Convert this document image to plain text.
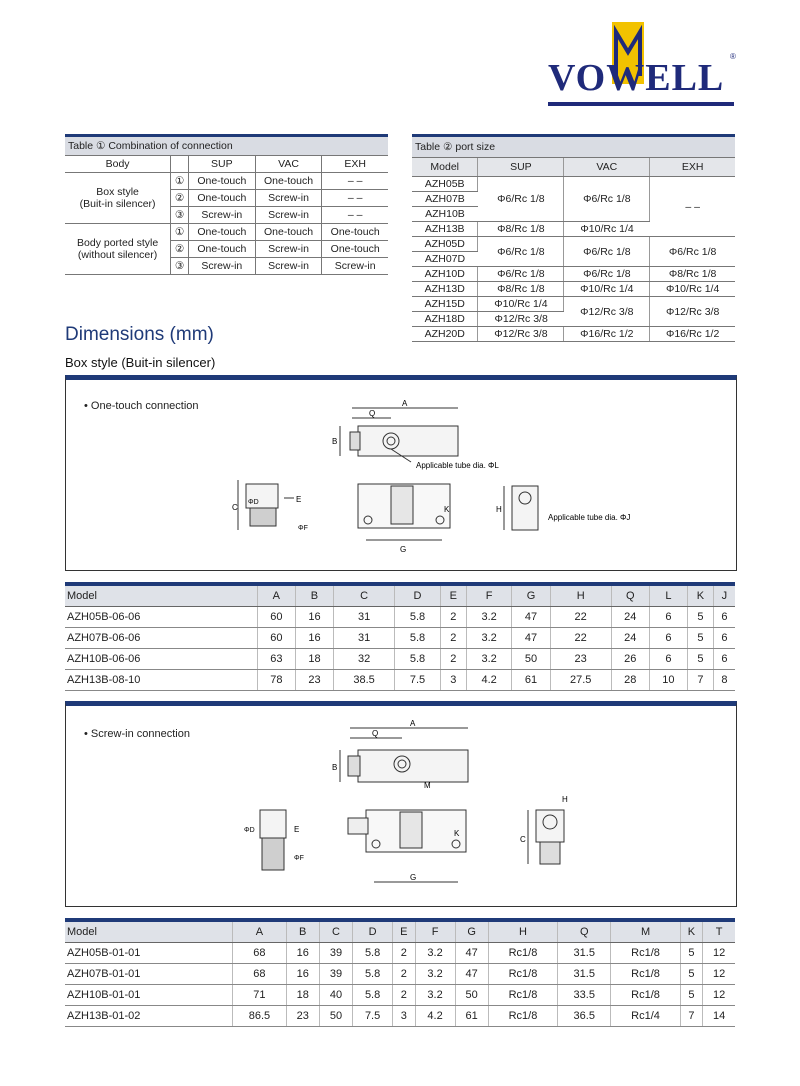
VOWELL
®
Table ① Combination of connection				
Body		SUP	VAC	EXH
Box style
(Buit-in silencer)	①	One-touch	One-touch	– –
	②	One-touch	Screw-in	– –
	③	Screw-in	Screw-in	– –
Body ported style
(without silencer)	①	One-touch	One-touch	One-touch
	②	One-touch	Screw-in	One-touch
	③	Screw-in	Screw-in	Screw-in
Table ② port size			
Model	SUP	VAC	EXH
AZH05B	Φ6/Rc 1/8	Φ6/Rc 1/8	– –
AZH07B			
AZH10B			
AZH13B	Φ8/Rc 1/8	Φ10/Rc 1/4	
AZH05D	Φ6/Rc 1/8	Φ6/Rc 1/8	Φ6/Rc 1/8
AZH07D			
AZH10D	Φ6/Rc 1/8	Φ6/Rc 1/8	Φ8/Rc 1/8
AZH13D	Φ8/Rc 1/8	Φ10/Rc 1/4	Φ10/Rc 1/4
AZH15D	Φ10/Rc 1/4	Φ12/Rc 3/8	Φ12/Rc 3/8
AZH18D	Φ12/Rc 3/8		
AZH20D	Φ12/Rc 3/8	Φ16/Rc 1/2	Φ16/Rc 1/2
Dimensions (mm)
Box style (Buit-in silencer)
• One-touch connection	A
Q
B
Applicable tube dia. ΦL
C
ΦD	E
ΦF
G
K	H
Applicable tube dia. ΦJ
Model	A	B	C	D	E	F	G	H	Q	L	K	J
AZH05B-06-06	60	16	31	5.8	2	3.2	47	22	24	6	5	6
AZH07B-06-06	60	16	31	5.8	2	3.2	47	22	24	6	5	6
AZH10B-06-06	63	18	32	5.8	2	3.2	50	23	26	6	5	6
AZH13B-08-10	78	23	38.5	7.5	3	4.2	61	27.5	28	10	7	8
• Screw-in connection
A
Q
B
M
ΦD	E
ΦF
G
K
C
H
Model	A	B	C	D	E	F	G	H	Q	M	K	T
AZH05B-01-01	68	16	39	5.8	2	3.2	47	Rc1/8	31.5	Rc1/8	5	12
AZH07B-01-01	68	16	39	5.8	2	3.2	47	Rc1/8	31.5	Rc1/8	5	12
AZH10B-01-01	71	18	40	5.8	2	3.2	50	Rc1/8	33.5	Rc1/8	5	12
AZH13B-01-02	86.5	23	50	7.5	3	4.2	61	Rc1/8	36.5	Rc1/4	7	14
